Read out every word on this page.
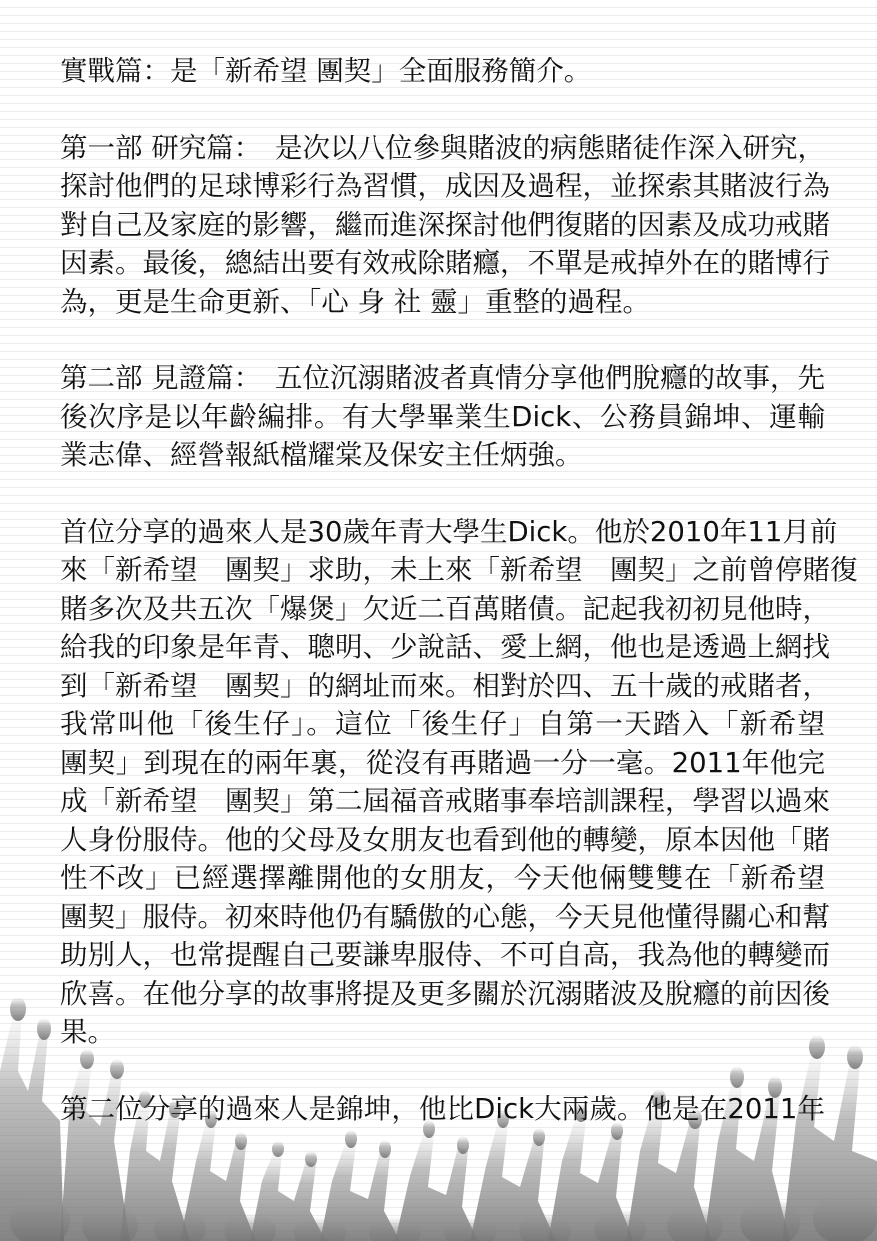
實戰篇：是「新希望 團契」全面服務簡介。
第一部 研究篇：　是次以八位參與賭波的病態賭徒作深入研究，
探討他們的足球博彩行為習慣，成因及過程，並探索其賭波行為
對自己及家庭的影響，繼而進深探討他們復賭的因素及成功戒賭
因素。最後，總結出要有效戒除賭癮，不單是戒掉外在的賭博行
為，更是生命更新、「心 身 社 靈」重整的過程。
第二部 見證篇：　五位沉溺賭波者真情分享他們脫癮的故事，先
後次序是以年齡編排。有大學畢業生Dick、公務員錦坤、運輸
業志偉、經營報紙檔耀棠及保安主任炳強。
首位分享的過來人是30歲年青大學生Dick。他於2010年11月前
來「新希望　團契」求助，未上來「新希望　團契」之前曾停賭復
賭多次及共五次「爆煲」欠近二百萬賭債。記起我初初見他時，
給我的印象是年青、聰明、少說話、愛上網，他也是透過上網找
到「新希望　團契」的網址而來。相對於四、五十歲的戒賭者，
我常叫他「後生仔」。這位「後生仔」自第一天踏入「新希望
團契」到現在的兩年裏，從沒有再賭過一分一毫。2011年他完
成「新希望　團契」第二屆福音戒賭事奉培訓課程，學習以過來
人身份服侍。他的父母及女朋友也看到他的轉變，原本因他「賭
性不改」已經選擇離開他的女朋友，今天他倆雙雙在「新希望
團契」服侍。初來時他仍有驕傲的心態，今天見他懂得關心和幫
助別人，也常提醒自己要謙卑服侍、不可自高，我為他的轉變而
欣喜。在他分享的故事將提及更多關於沉溺賭波及脫癮的前因後
果。
第二位分享的過來人是錦坤，他比Dick大兩歲。他是在2011年
